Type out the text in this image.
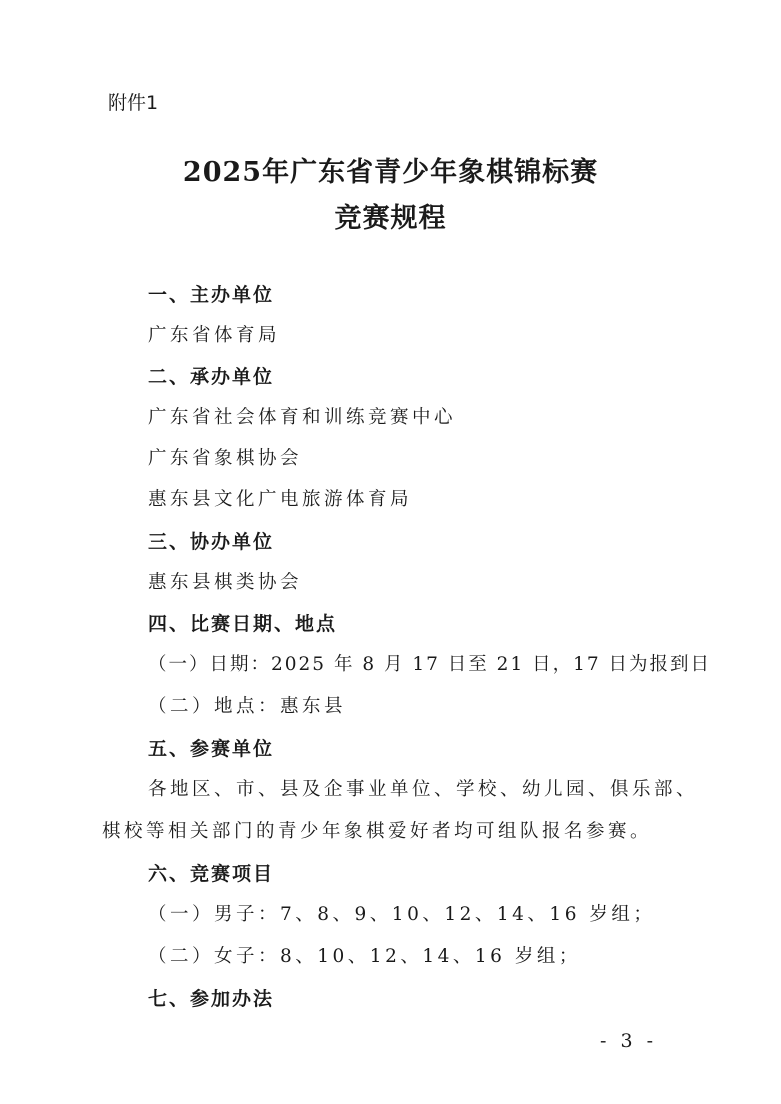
附件1
2025年广东省青少年象棋锦标赛
竞赛规程
一、主办单位
广东省体育局
二、承办单位
广东省社会体育和训练竞赛中心
广东省象棋协会
惠东县文化广电旅游体育局
三、协办单位
惠东县棋类协会
四、比赛日期、地点
（一）日期：2025 年 8 月 17 日至 21 日，17 日为报到日
（二）地点：惠东县
五、参赛单位
各地区、市、县及企事业单位、学校、幼儿园、俱乐部、
棋校等相关部门的青少年象棋爱好者均可组队报名参赛。
六、竞赛项目
（一）男子：7、8、9、10、12、14、16 岁组；
（二）女子：8、10、12、14、16 岁组；
七、参加办法
- 3 -
